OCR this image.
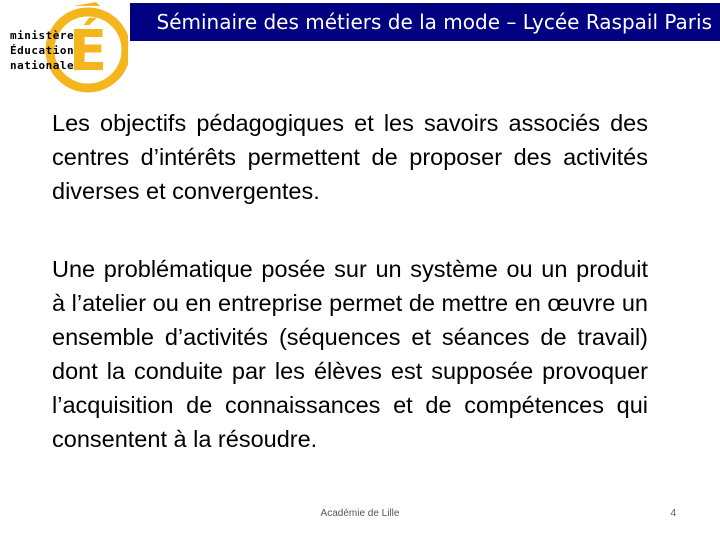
É
ministère
Éducation
nationale
Séminaire des métiers de la mode – Lycée Raspail Paris

Les objectifs pédagogiques et les savoirs associés des centres d’intérêts permettent de proposer des activités diverses et convergentes.

Une problématique posée sur un système ou un produit à l’atelier ou en entreprise permet de mettre en œuvre un ensemble d’activités (séquences et séances de travail) dont la conduite par les élèves est supposée provoquer l’acquisition de connaissances et de compétences qui consentent à la résoudre.

Académie de Lille	4
